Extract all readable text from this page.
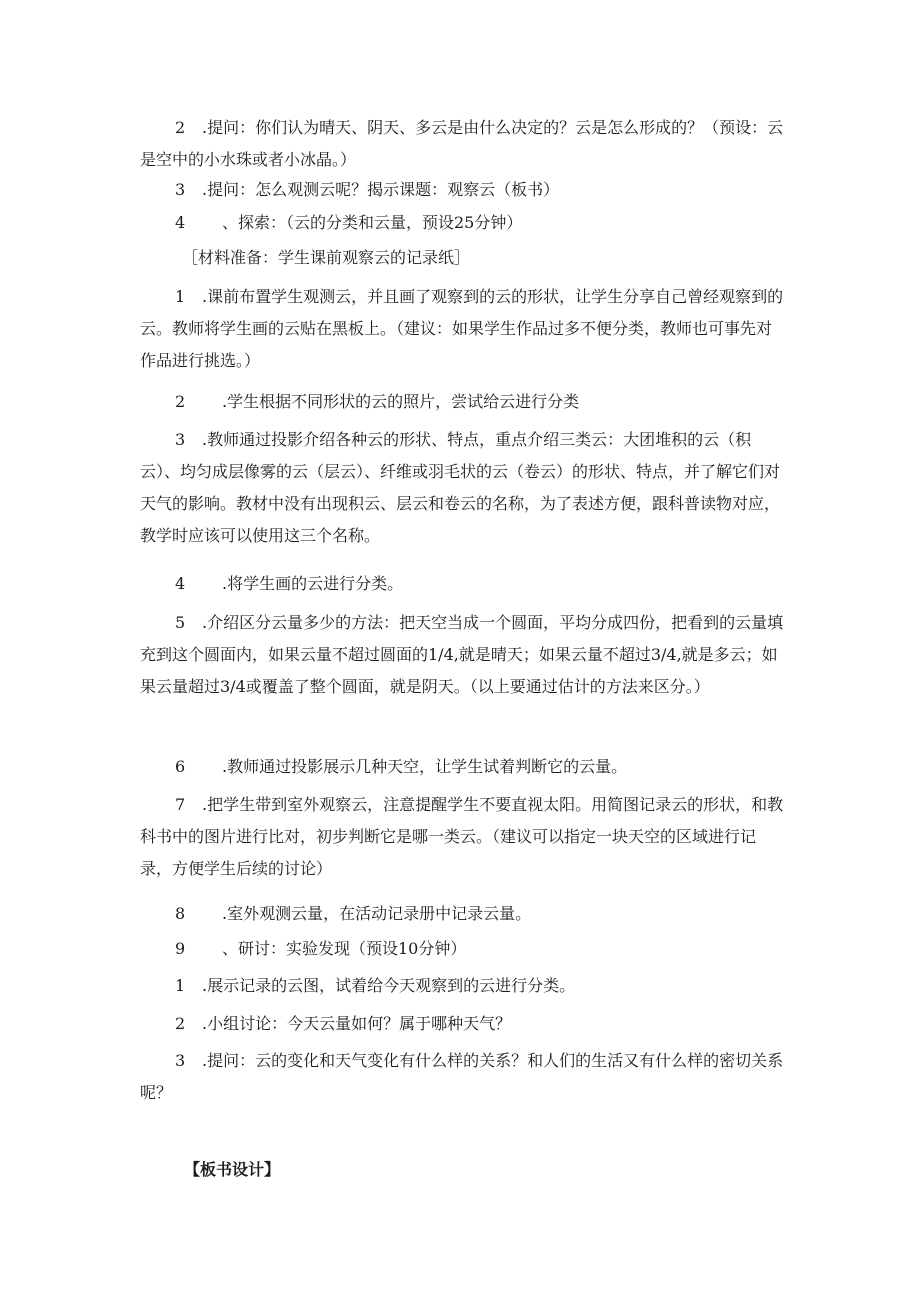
2 .提问：你们认为晴天、阴天、多云是由什么决定的？云是怎么形成的？（预设：云是空中的小水珠或者小冰晶。）

3 .提问：怎么观测云呢？揭示课题：观察云（板书）

4 、探索：（云的分类和云量，预设25分钟）

［材料准备：学生课前观察云的记录纸］

1 .课前布置学生观测云，并且画了观察到的云的形状，让学生分享自己曾经观察到的云。教师将学生画的云贴在黑板上。（建议：如果学生作品过多不便分类，教师也可事先对作品进行挑选。）

2 .学生根据不同形状的云的照片，尝试给云进行分类

3 .教师通过投影介绍各种云的形状、特点，重点介绍三类云：大团堆积的云（积云）、均匀成层像雾的云（层云）、纤维或羽毛状的云（卷云）的形状、特点，并了解它们对天气的影响。教材中没有出现积云、层云和卷云的名称，为了表述方便，跟科普读物对应，教学时应该可以使用这三个名称。

4 .将学生画的云进行分类。

5 .介绍区分云量多少的方法：把天空当成一个圆面，平均分成四份，把看到的云量填充到这个圆面内，如果云量不超过圆面的1/4,就是晴天；如果云量不超过3/4,就是多云；如果云量超过3/4或覆盖了整个圆面，就是阴天。（以上要通过估计的方法来区分。）

6 .教师通过投影展示几种天空，让学生试着判断它的云量。

7 .把学生带到室外观察云，注意提醒学生不要直视太阳。用简图记录云的形状，和教科书中的图片进行比对，初步判断它是哪一类云。（建议可以指定一块天空的区域进行记录，方便学生后续的讨论）

8 .室外观测云量，在活动记录册中记录云量。

9 、研讨：实验发现（预设10分钟）

1 .展示记录的云图，试着给今天观察到的云进行分类。

2 .小组讨论：今天云量如何？属于哪种天气？

3 .提问：云的变化和天气变化有什么样的关系？和人们的生活又有什么样的密切关系呢？

【板书设计】
